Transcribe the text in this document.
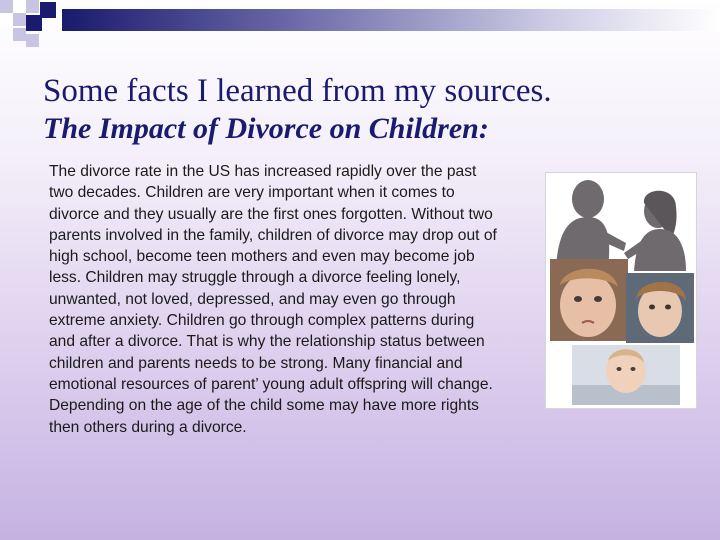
Some facts I learned from my sources.
The Impact of Divorce on Children:

The divorce rate in the US has increased rapidly over the past two decades. Children are very important when it comes to divorce and they usually are the first ones forgotten. Without two parents involved in the family, children of divorce may drop out of high school, become teen mothers and even may become job less. Children may struggle through a divorce feeling lonely, unwanted, not loved, depressed, and may even go through extreme anxiety. Children go through complex patterns during and after a divorce. That is why the relationship status between children and parents needs to be strong. Many financial and emotional resources of parent’ young adult offspring will change. Depending on the age of the child some may have more rights then others during a divorce.
